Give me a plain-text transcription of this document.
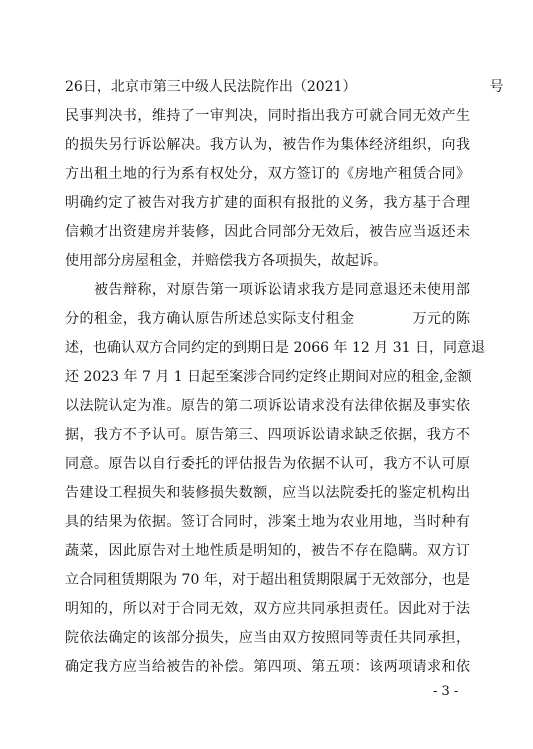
26日，北京市第三中级人民法院作出（2021）　　　　　　　　　　号
民事判决书，维持了一审判决，同时指出我方可就合同无效产生
的损失另行诉讼解决。我方认为，被告作为集体经济组织，向我
方出租土地的行为系有权处分，双方签订的《房地产租赁合同》
明确约定了被告对我方扩建的面积有报批的义务，我方基于合理
信赖才出资建房并装修，因此合同部分无效后，被告应当返还未
使用部分房屋租金，并赔偿我方各项损失，故起诉。
　　被告辩称，对原告第一项诉讼请求我方是同意退还未使用部
分的租金，我方确认原告所述总实际支付租金　　　　万元的陈
述，也确认双方合同约定的到期日是 2066 年 12 月 31 日，同意退
还 2023 年 7 月 1 日起至案涉合同约定终止期间对应的租金,金额
以法院认定为准。原告的第二项诉讼请求没有法律依据及事实依
据，我方不予认可。原告第三、四项诉讼请求缺乏依据，我方不
同意。原告以自行委托的评估报告为依据不认可，我方不认可原
告建设工程损失和装修损失数额，应当以法院委托的鉴定机构出
具的结果为依据。签订合同时，涉案土地为农业用地，当时种有
蔬菜，因此原告对土地性质是明知的，被告不存在隐瞒。双方订
立合同租赁期限为 70 年，对于超出租赁期限属于无效部分，也是
明知的，所以对于合同无效，双方应共同承担责任。因此对于法
院依法确定的该部分损失，应当由双方按照同等责任共同承担，
确定我方应当给被告的补偿。第四项、第五项：该两项请求和依
- 3 -
